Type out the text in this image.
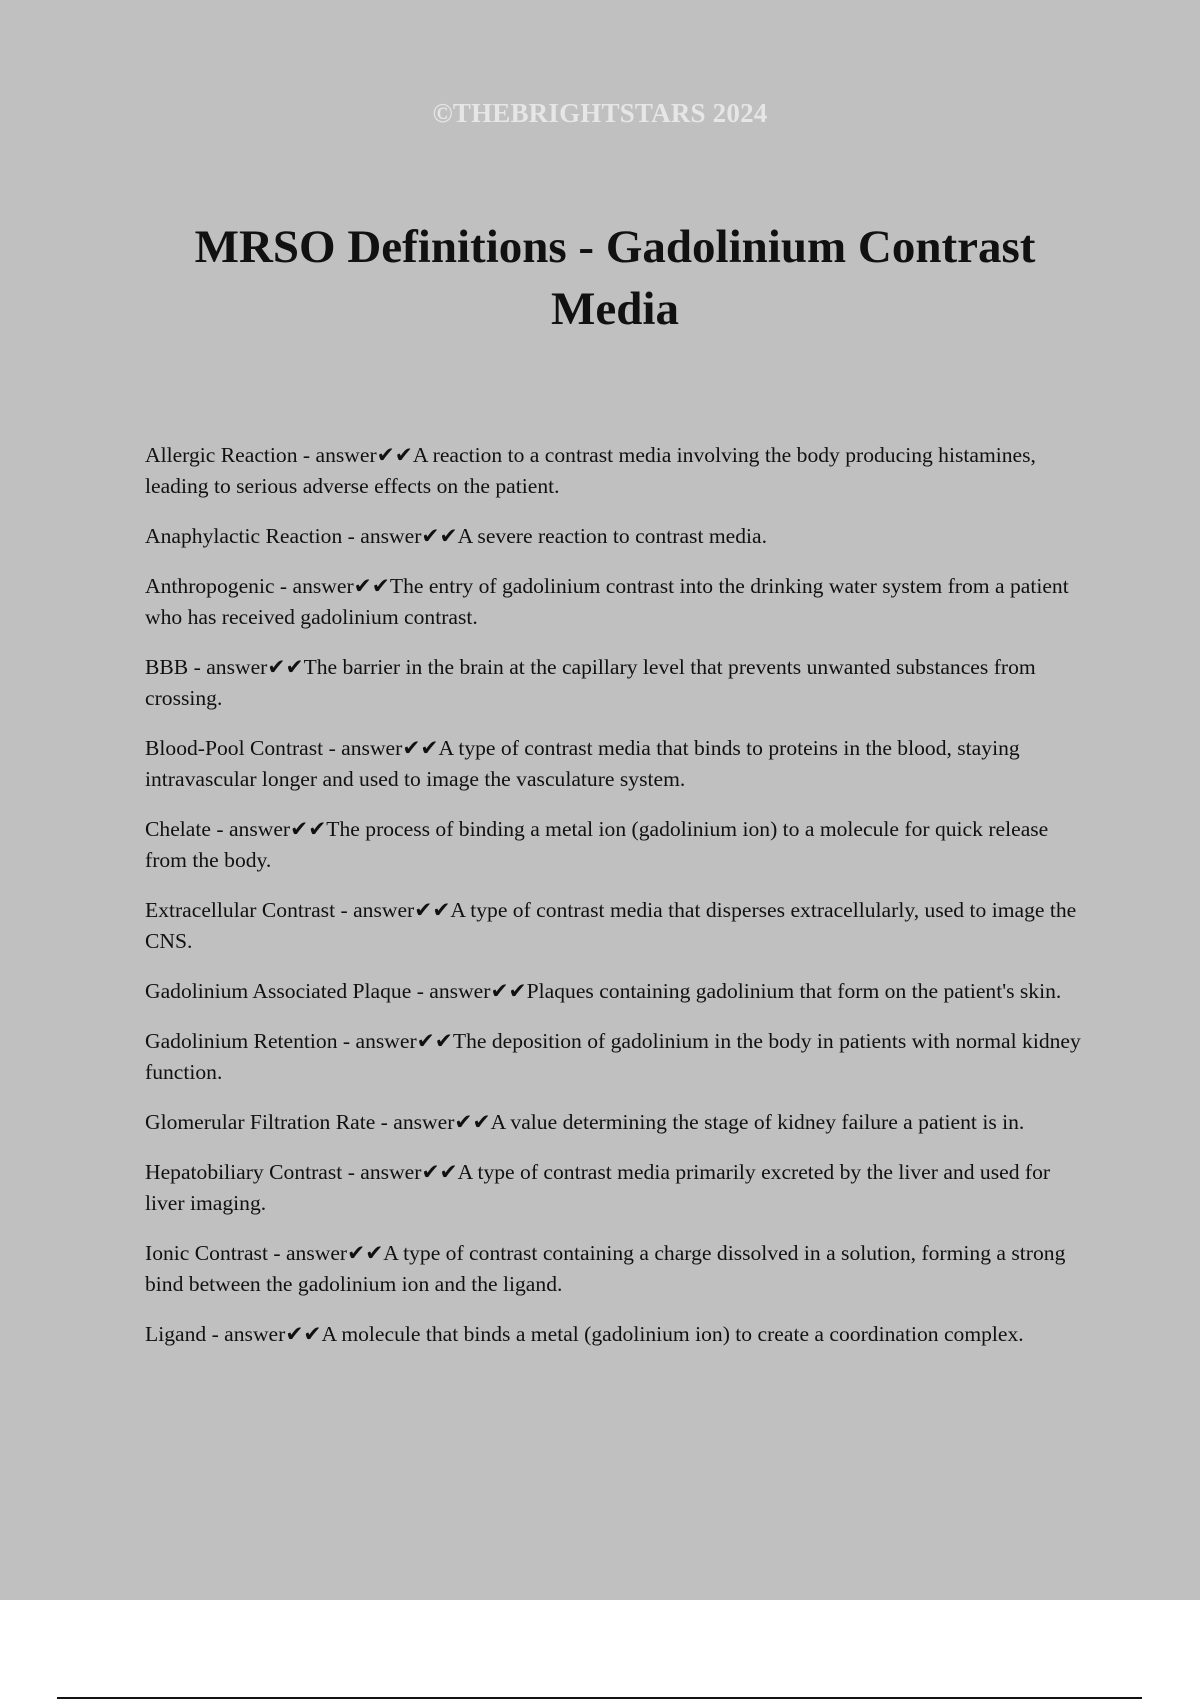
©THEBRIGHTSTARS 2024
MRSO Definitions - Gadolinium Contrast Media

Allergic Reaction - answer✔✔A reaction to a contrast media involving the body producing histamines, leading to serious adverse effects on the patient.

Anaphylactic Reaction - answer✔✔A severe reaction to contrast media.

Anthropogenic - answer✔✔The entry of gadolinium contrast into the drinking water system from a patient who has received gadolinium contrast.

BBB - answer✔✔The barrier in the brain at the capillary level that prevents unwanted substances from crossing.

Blood-Pool Contrast - answer✔✔A type of contrast media that binds to proteins in the blood, staying intravascular longer and used to image the vasculature system.

Chelate - answer✔✔The process of binding a metal ion (gadolinium ion) to a molecule for quick release from the body.

Extracellular Contrast - answer✔✔A type of contrast media that disperses extracellularly, used to image the CNS.

Gadolinium Associated Plaque - answer✔✔Plaques containing gadolinium that form on the patient's skin.

Gadolinium Retention - answer✔✔The deposition of gadolinium in the body in patients with normal kidney function.

Glomerular Filtration Rate - answer✔✔A value determining the stage of kidney failure a patient is in.

Hepatobiliary Contrast - answer✔✔A type of contrast media primarily excreted by the liver and used for liver imaging.

Ionic Contrast - answer✔✔A type of contrast containing a charge dissolved in a solution, forming a strong bind between the gadolinium ion and the ligand.

Ligand - answer✔✔A molecule that binds a metal (gadolinium ion) to create a coordination complex.
